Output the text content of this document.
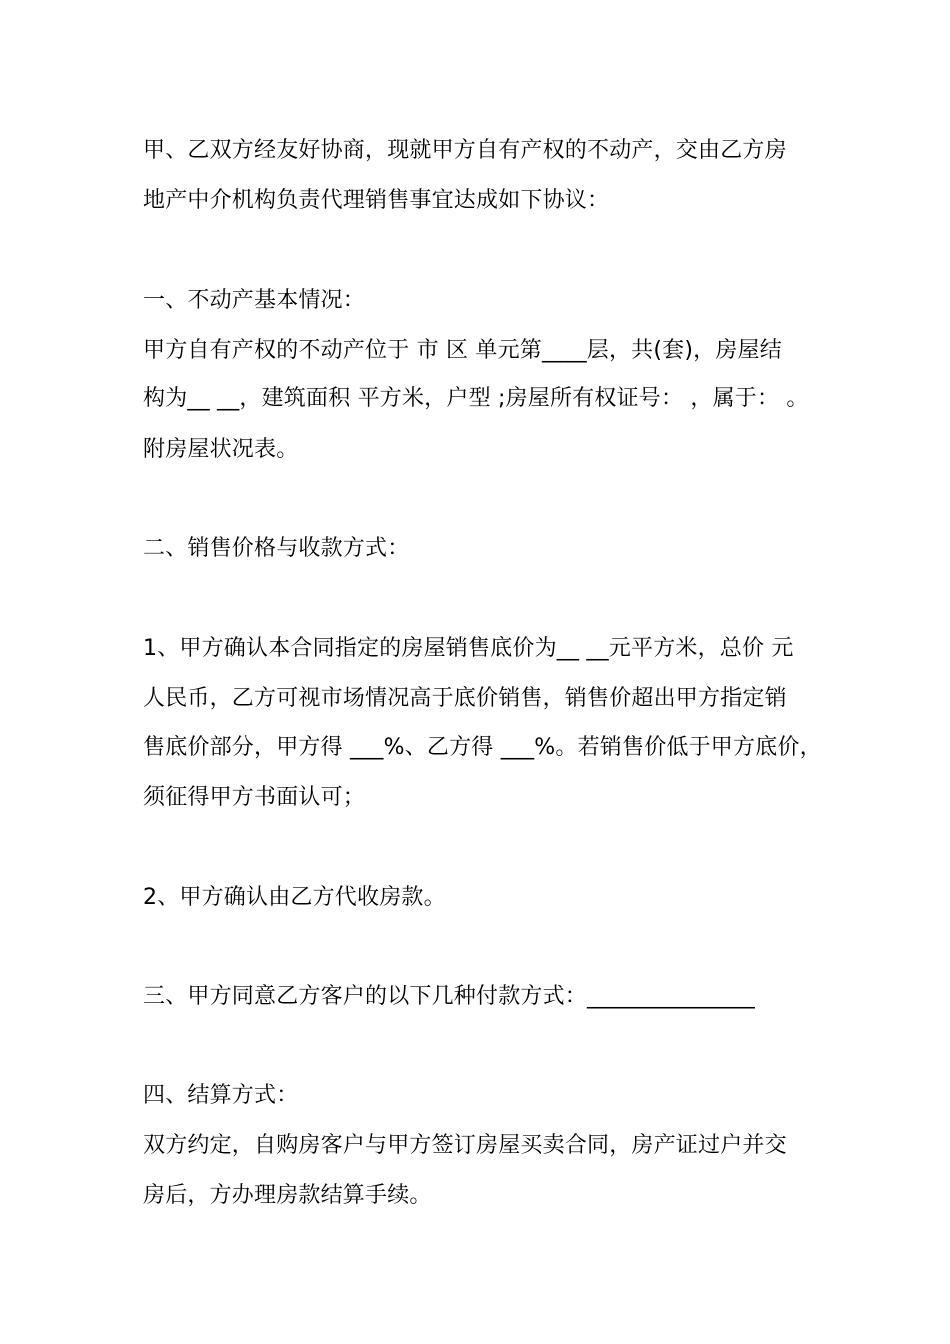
甲、乙双方经友好协商，现就甲方自有产权的不动产，交由乙方房
地产中介机构负责代理销售事宜达成如下协议：
一、不动产基本情况：
甲方自有产权的不动产位于 市 区 单元第____层，共(套)，房屋结
构为__ __，建筑面积 平方米，户型 ;房屋所有权证号： ，属于： 。
附房屋状况表。
二、销售价格与收款方式：
1、甲方确认本合同指定的房屋销售底价为__ __元平方米，总价 元
人民币，乙方可视市场情况高于底价销售，销售价超出甲方指定销
售底价部分，甲方得 ___%、乙方得 ___%。若销售价低于甲方底价，
须征得甲方书面认可；
2、甲方确认由乙方代收房款。
三、甲方同意乙方客户的以下几种付款方式：_______________
四、结算方式：
双方约定，自购房客户与甲方签订房屋买卖合同，房产证过户并交
房后，方办理房款结算手续。
